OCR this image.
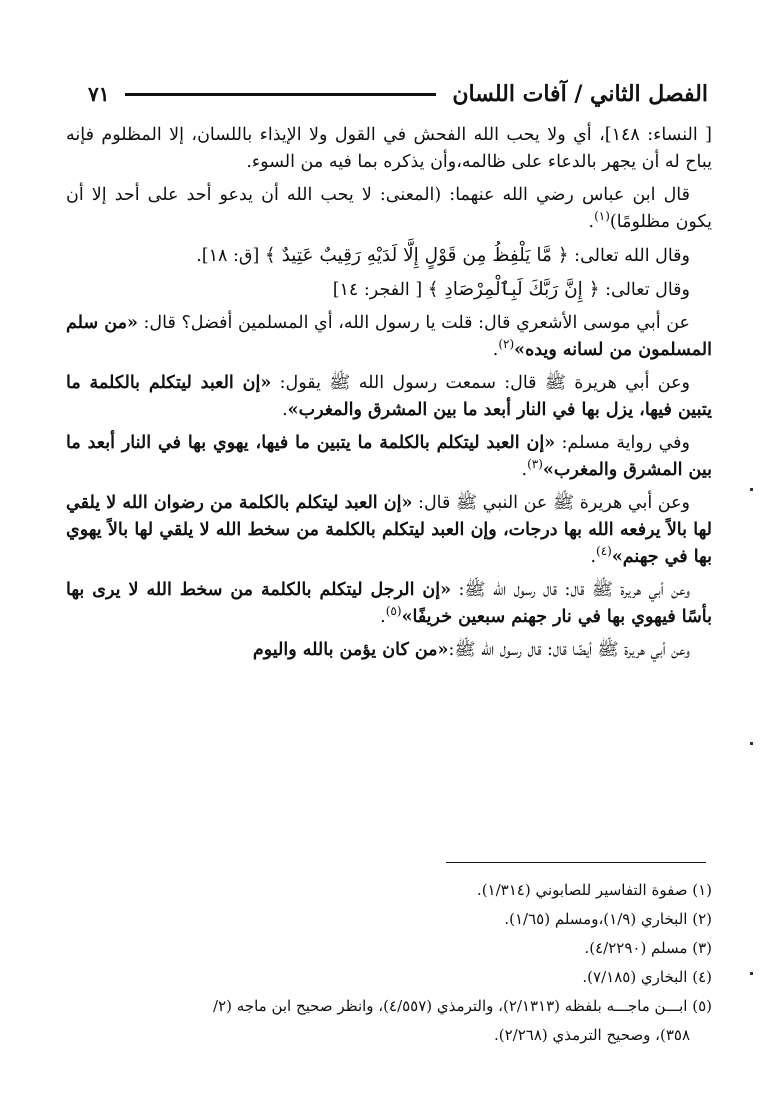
الفصل الثاني / آفات اللسان
٧١

[ النساء: ١٤٨]، أي ولا يحب الله الفحش في القول ولا الإيذاء باللسان، إلا المظلوم فإنه يباح له أن يجهر بالدعاء على ظالمه،وأن يذكره بما فيه من السوء.

قال ابن عباس رضي الله عنهما: (المعنى: لا يحب الله أن يدعو أحد على أحد إلا أن يكون مظلومًا)$^{(١)}$.

وقال الله تعالى: ﴿ مَّا يَلْفِظُ مِن قَوْلٍ إِلَّا لَدَيْهِ رَقِيبٌ عَتِيدٌ ﴾ [ق: ١٨].

وقال تعالى: ﴿ إِنَّ رَبَّكَ لَبِٱلْمِرْصَادِ ﴾ [ الفجر: ١٤]

عن أبي موسى الأشعري قال: قلت يا رسول الله، أي المسلمين أفضل؟ قال: «من سلم المسلمون من لسانه ويده»$^{(٢)}$.

وعن أبي هريرة ﷺ قال: سمعت رسول الله ﷺ يقول: «إن العبد ليتكلم بالكلمة ما يتبين فيها، يزل بها في النار أبعد ما بين المشرق والمغرب».

وفي رواية مسلم: «إن العبد ليتكلم بالكلمة ما يتبين ما فيها، يهوي بها في النار أبعد ما بين المشرق والمغرب»$^{(٣)}$.

وعن أبي هريرة ﷺ عن النبي ﷺ قال: «إن العبد ليتكلم بالكلمة من رضوان الله لا يلقي لها بالاً يرفعه الله بها درجات، وإن العبد ليتكلم بالكلمة من سخط الله لا يلقي لها بالاً يهوي بها في جهنم»$^{(٤)}$.

وعن أبي هريرة ﷺ قال: قال رسول الله ﷺ: «إن الرجل ليتكلم بالكلمة من سخط الله لا يرى بها بأسًا فيهوي بها في نار جهنم سبعين خريفًا»$^{(٥)}$.

وعن أبي هريرة ﷺ أيضًا قال: قال رسول الله ﷺ:«من كان يؤمن بالله واليوم

(١) صفوة التفاسير للصابوني (١/٣١٤).

(٢) البخاري (١/٩)،ومسلم (١/٦٥).

(٣) مسلم (٤/٢٢٩٠).

(٤) البخاري (٧/١٨٥).

(٥) ابـــن ماجـــه بلفظه (٢/١٣١٣)، والترمذي (٤/٥٥٧)، وانظر صحيح ابن ماجه (٢/
٣٥٨)، وصحيح الترمذي (٢/٢٦٨).
